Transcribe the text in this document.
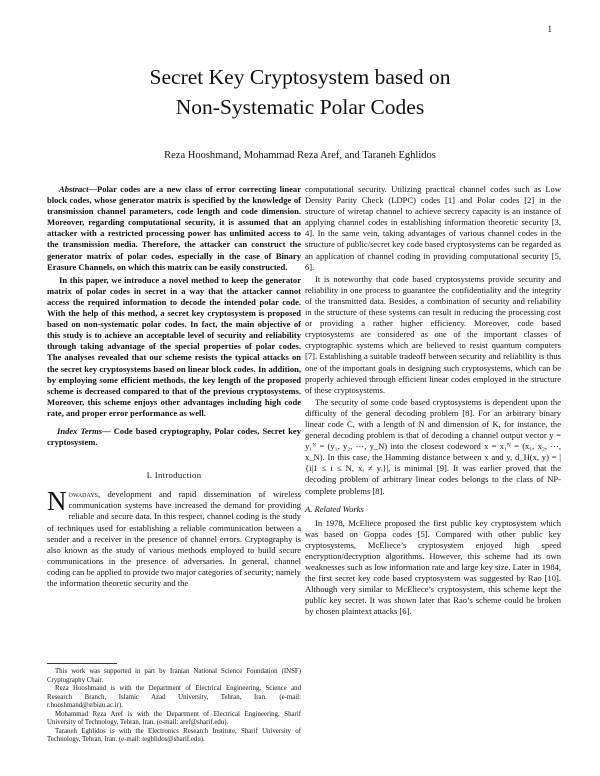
1
Secret Key Cryptosystem based on
Non-Systematic Polar Codes
Reza Hooshmand, Mohammad Reza Aref, and Taraneh Eghlidos

Abstract—Polar codes are a new class of error correcting linear block codes, whose generator matrix is specified by the knowledge of transmission channel parameters, code length and code dimension. Moreover, regarding computational security, it is assumed that an attacker with a restricted processing power has unlimited access to the transmission media. Therefore, the attacker can construct the generator matrix of polar codes, especially in the case of Binary Erasure Channels, on which this matrix can be easily constructed.

In this paper, we introduce a novel method to keep the generator matrix of polar codes in secret in a way that the attacker cannot access the required information to decode the intended polar code. With the help of this method, a secret key cryptosystem is proposed based on non-systematic polar codes. In fact, the main objective of this study is to achieve an acceptable level of security and reliability through taking advantage of the special properties of polar codes. The analyses revealed that our scheme resists the typical attacks on the secret key cryptosystems based on linear block codes. In addition, by employing some efficient methods, the key length of the proposed scheme is decreased compared to that of the previous cryptosystems. Moreover, this scheme enjoys other advantages including high code rate, and proper error performance as well.

Index Terms— Code based cryptography, Polar codes, Secret key cryptosystem.

I. Introduction

Nowadays, development and rapid dissemination of wireless communication systems have increased the demand for providing reliable and secure data. In this respect, channel coding is the study of techniques used for establishing a reliable communication between a sender and a receiver in the presence of channel errors. Cryptography is also known as the study of various methods employed to build secure communications in the presence of adversaries. In general, channel coding can be applied to provide two major categories of security; namely the information theoretic security and the

This work was supported in part by Iranian National Science Foundation (INSF) Cryptography Chair.

Reza Hooshmand is with the Department of Electrical Engineering, Science and Research Branch, Islamic Azad University, Tehran, Iran. (e-mail: r.hooshmand@srbiau.ac.ir).

Mohammad Reza Aref is with the Department of Electrical Engineering, Sharif University of Technology, Tehran, Iran. (e-mail: aref@sharif.edu).

Taraneh Eghlidos is with the Electronics Research Institute, Sharif University of Technology, Tehran, Iran. (e-mail: teghlidos@sharif.edu).

computational security. Utilizing practical channel codes such as Low Density Parity Check (LDPC) codes [1] and Polar codes [2] in the structure of wiretap channel to achieve secrecy capacity is an instance of applying channel codes in establishing information theoretic security [3, 4]. In the same vein, taking advantages of various channel codes in the structure of public/secret key code based cryptosystems can be regarded as an application of channel coding in providing computational security [5, 6].

It is noteworthy that code based cryptosystems provide security and reliability in one process to guarantee the confidentiality and the integrity of the transmitted data. Besides, a combination of security and reliability in the structure of these systems can result in reducing the processing cost or providing a rather higher efficiency. Moreover, code based cryptosystems are considered as one of the important classes of cryptographic systems which are believed to resist quantum computers [7]. Establishing a suitable tradeoff between security and reliability is thus one of the important goals in designing such cryptosystems, which can be properly achieved through efficient linear codes employed in the structure of these cryptosystems.

The security of some code based cryptosystems is dependent upon the difficulty of the general decoding problem [8]. For an arbitrary binary linear code C, with a length of N and dimension of K, for instance, the general decoding problem is that of decoding a channel output vector y = y₁ᴺ = (y₁, y₂, ⋯, y_N) into the closest codeword x = x₁ᴺ = (x₁, x₂, ⋯, x_N). In this case, the Hamming distance between x and y, d_H(x, y) = |{i|1 ≤ i ≤ N, xᵢ ≠ yᵢ}|, is minimal [9]. It was earlier proved that the decoding problem of arbitrary linear codes belongs to the class of NP-complete problems [8].

A. Related Works

In 1978, McEliece proposed the first public key cryptosystem which was based on Goppa codes [5]. Compared with other public key cryptosystems, McEliece’s cryptosystem enjoyed high speed encryption/decryption algorithms. However, this scheme had its own weaknesses such as low information rate and large key size. Later in 1984, the first secret key code based cryptosystem was suggested by Rao [10]. Although very similar to McEliece’s cryptosystem, this scheme kept the public key secret. It was shown later that Rao’s scheme could be broken by chosen plaintext attacks [6].
